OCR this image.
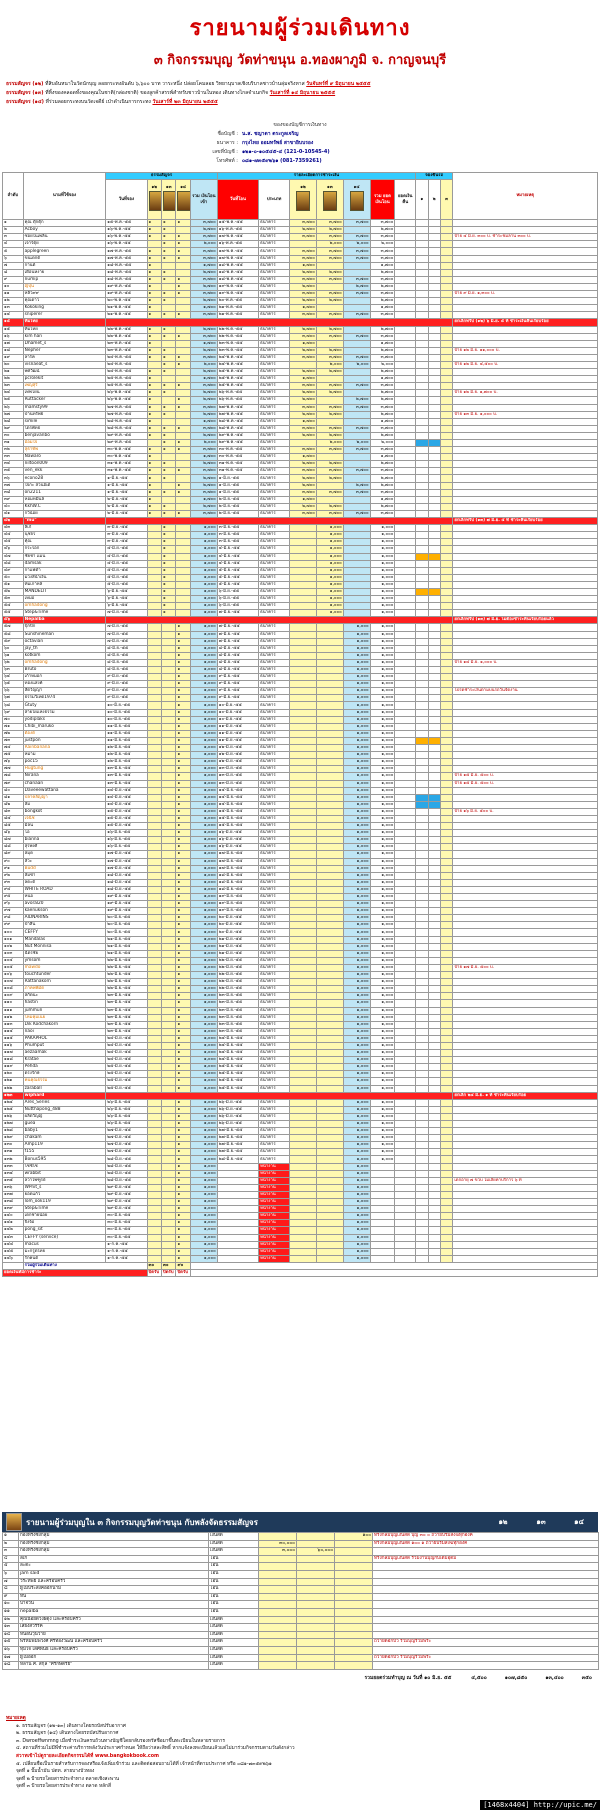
รายนามผู้ร่วมเดินทาง
๓ กิจกรรมบุญ วัดท่าขนุน อ.ทองผาภูมิ จ. กาญจนบุรี
ธรรมสัญจร (๑๒) ที่สิบอันหนาในวัดนักบุญ ลอยกระทงอันดับ ๖,๖๐๐ บาท วาระหนึ่ง ปล่อยโคมลอย วิทยานุบาลเชิงบริบาลชาวบ้านลุ่มจริงหาส วันจันทร์ที่ ๙ มิถุนายน ๒๕๕๕
ธรรมสัญจร (๑๓) ที่ทิ้งของคลอดทั้งของคุณในชาติ(กล่องชาติ) ของลูกค้าสรรพ์สำหรับชาวบ้านในทอง เดินทางไกลจำเนกกิจ วันเสาร์ที่ ๑๔ มิถุนายน ๒๕๕๕
ธรรมสัญจร (๑๔) ที่ร่วมลอยกระทงบนวัดเจดีย์ เป่าดำเนินการกระทง วันเสาร์ที่ ๒๓ มิถุนายน ๒๕๕๕
ของของบัญชีการเงินทาง
ชื่อบัญชี : น.ส. ชญาดา ตระกูลเจริญ
ธนาคาร : กรุงไทย ออมทรัพย์ สาขายิบบรอง
เลขที่บัญชี : ๑๒๑-๐-๑๐๕๔๕-๔ (121-0-10545-4)
โทรศัพท์ : ๐๘๑-๗๓๕๙๒๖๑ (081-7359261)
ลำดับ	นามที่ใช้จอง	ธรรมสัญจร					รายละเอียดการชำระเงิน							จองขึ้นรถ			หมายเหตุ
		วันที่จอง	๑๒	๑๓	๑๔	รวม เงินโอนเข้า	วันที่โอน	ประเภท	๑๒	๑๓	๑๔	รวม ยอดเงินโอน	ยอดเงินคืน	๑	๒	๓	
๑	คุณ ตุ๊กตุ๊ก	๑๕-พ.ค.-๕๕	๑	๑	๑	๓,๗๐๐	๑๕-พ.ค.-๕๕	ธนาคาร	๓,๗๐๐	๓,๗๐๐	๓,๗๐๐	๓,๗๐๐					
๒	Acboy	๑๖-พ.ค.-๕๕	๑	๑		๒,๗๐๐	๑๖-พ.ค.-๕๕	ธนาคาร	๒,๗๐๐	๒,๗๐๐		๒,๗๐๐					
๓	ซอยในเพลิน	๑๖-พ.ค.-๕๕	๑	๑	๑	๓,๗๐๐	๑๗-พ.ค.-๕๕	ธนาคาร	๓,๗๐๐	๓,๗๐๐	๓,๗๐๐	๓,๗๐๐					ป้าย ๔ มิ.ย. ๓๐๐ บ. ชำระชมลาน ๓๐๐ บ.
๔	เจาร์ดุ้ย	๑๖-พ.ค.-๕๕		๑	๑	๒,๐๐๐	๑๖-พ.ค.-๕๕	ธนาคาร		๒,๐๐๐	๒,๐๐๐	๒,๐๐๐					
๕	applegreen	๑๗-พ.ค.-๕๕	๑	๑	๑	๓,๗๐๐	๑๗-พ.ค.-๕๕	ธนาคาร	๓,๗๐๐	๓,๗๐๐	๓,๗๐๐	๓,๗๐๐					
๖	ขนเด็กดี	๑๗-พ.ค.-๕๕	๑	๑	๑	๓,๗๐๐	๑๗-พ.ค.-๕๕	ธนาคาร	๓,๗๐๐	๓,๗๐๐	๓,๗๐๐	๓,๗๐๐					
๗	กานด์	๑๘-พ.ค.-๕๕	๑			๑,๗๐๐	๑๘-พ.ค.-๕๕	ธนาคาร	๑,๗๐๐			๑,๗๐๐					
๘	เดือนหงาย	๑๘-พ.ค.-๕๕	๑	๑		๒,๗๐๐	๑๘-พ.ค.-๕๕	ธนาคาร	๒,๗๐๐	๒,๗๐๐		๒,๗๐๐					
๙	numip	๑๘-พ.ค.-๕๕	๑	๑	๑	๓,๗๐๐	๑๘-พ.ค.-๕๕	ธนาคาร	๓,๗๐๐	๓,๗๐๐	๓,๗๐๐	๓,๗๐๐					
๑๐	ญี่ปุ่น	๑๙-พ.ค.-๕๕	๑		๑	๒,๗๐๐	๑๙-พ.ค.-๕๕	ธนาคาร	๒,๗๐๐		๒,๗๐๐	๒,๗๐๐					
๑๑	หลิว๙๙	๑๙-พ.ค.-๕๕	๑	๑	๑	๓,๗๐๐	๑๙-พ.ค.-๕๕	ธนาคาร	๓,๗๐๐	๓,๗๐๐	๓,๗๐๐	๓,๗๐๐					ป้าย ๙ มิ.ย. ๑,๓๐๐ บ.
๑๒	คุณดาว	๒๐-พ.ค.-๕๕	๑	๑		๒,๗๐๐	๒๐-พ.ค.-๕๕	ธนาคาร	๒,๗๐๐	๒,๗๐๐		๒,๗๐๐					
๑๓	Kokoking	๒๑-พ.ค.-๕๕	๑			๑,๗๐๐	๒๑-พ.ค.-๕๕	ธนาคาร	๑,๗๐๐			๑,๗๐๐					
๑๔	sniperer	๒๑-พ.ค.-๕๕	๑	๑	๑	๓,๗๐๐	๒๑-พ.ค.-๕๕	ธนาคาร	๓,๗๐๐	๓,๗๐๐	๓,๗๐๐	๓,๗๐๐					
๑๕	ทิมไทย																ยกเลิกทริป (๑๒) ๖ มิ.ย. ๕ ที่ ชำระเงินคืนเรียบร้อย
๑๕	ทิมไทย	๒๒-พ.ค.-๕๕	๑	๑		๒,๗๐๐	๒๒-พ.ค.-๕๕	ธนาคาร	๒,๗๐๐	๒,๗๐๐		๒,๗๐๐					
๑๖	kim han	๒๒-พ.ค.-๕๕	๑	๑	๑	๓,๗๐๐	๒๒-พ.ค.-๕๕	ธนาคาร	๓,๗๐๐	๓,๗๐๐	๓,๗๐๐	๓,๗๐๐					
๑๗	Dhamet_s	๒๓-พ.ค.-๕๕	๑			๑,๗๐๐	๒๓-พ.ค.-๕๕	ธนาคาร	๑,๗๐๐			๑,๗๐๐					
๑๘	Nepher	๒๓-พ.ค.-๕๕	๑	๑		๒,๗๐๐	๒๓-พ.ค.-๕๕	ธนาคาร	๒,๗๐๐	๒,๗๐๐		๒,๗๐๐					ป้าย ๑๒ มิ.ย. ๑๑,๐๐๐ บ.
๑๙	ลาร์ค	๒๔-พ.ค.-๕๕	๑	๑	๑	๓,๗๐๐	๒๔-พ.ค.-๕๕	ธนาคาร	๓,๗๐๐	๓,๗๐๐	๓,๗๐๐	๓,๗๐๐					
๒๐	visnaeat_s	๒๔-พ.ค.-๕๕		๑	๑	๒,๐๐๐	๒๔-พ.ค.-๕๕	ธนาคาร		๒,๐๐๐	๒,๐๐๐	๒,๐๐๐					ป้าย ๑๒ มิ.ย. ๔,๕๐๐ บ.
๒๑	พศวัฒน์	๒๔-พ.ค.-๕๕	๑	๑		๒,๗๐๐	๒๕-พ.ค.-๕๕	ธนาคาร	๒,๗๐๐	๒,๗๐๐		๒,๗๐๐					
๒๒	pcrolekit	๒๕-พ.ค.-๕๕	๑			๑,๗๐๐	๒๕-พ.ค.-๕๕	ธนาคาร	๑,๗๐๐			๑,๗๐๐					
๒๓	เพ็ญสุรี	๒๕-พ.ค.-๕๕	๑	๑	๑	๓,๗๐๐	๒๕-พ.ค.-๕๕	ธนาคาร	๓,๗๐๐	๓,๗๐๐	๓,๗๐๐	๓,๗๐๐					
๒๔	เทพโยน	๒๖-พ.ค.-๕๕	๑	๑		๒,๗๐๐	๒๖-พ.ค.-๕๕	ธนาคาร	๒,๗๐๐	๒,๗๐๐		๒,๗๐๐					ป้าย ๑๒ มิ.ย. ๑,๗๐๐ บ.
๒๕	Ruttacker	๒๖-พ.ค.-๕๕	๑		๑	๒,๗๐๐	๒๖-พ.ค.-๕๕	ธนาคาร	๒,๗๐๐		๒,๗๐๐	๒,๗๐๐					
๒๖	mamsty99	๒๗-พ.ค.-๕๕	๑	๑	๑	๓,๗๐๐	๒๗-พ.ค.-๕๕	ธนาคาร	๓,๗๐๐	๓,๗๐๐	๓,๗๐๐	๓,๗๐๐					
๒๗	บ้านทรัพย์	๒๗-พ.ค.-๕๕	๑	๑		๒,๗๐๐	๒๗-พ.ค.-๕๕	ธนาคาร	๒,๗๐๐	๒,๗๐๐		๒,๗๐๐					ป้าย ๑๓ มิ.ย. ๑,๐๐๐ บ.
๒๘	simile	๒๘-พ.ค.-๕๕	๑			๑,๗๐๐	๒๘-พ.ค.-๕๕	ธนาคาร	๑,๗๐๐			๑,๗๐๐					
๒๙	ไตรพัทธ	๒๘-พ.ค.-๕๕	๑	๑	๑	๓,๗๐๐	๒๘-พ.ค.-๕๕	ธนาคาร	๓,๗๐๐	๓,๗๐๐	๓,๗๐๐	๓,๗๐๐					
๓๐	benjavanbo	๒๙-พ.ค.-๕๕	๑	๑		๒,๗๐๐	๒๙-พ.ค.-๕๕	ธนาคาร	๒,๗๐๐	๒,๗๐๐		๒,๗๐๐					
๓๑	อ้อมใจ	๒๙-พ.ค.-๕๕		๑	๑	๒,๐๐๐	๒๙-พ.ค.-๕๕	ธนาคาร		๒,๐๐๐	๒,๐๐๐	๒,๐๐๐					
๓๒	สุธาทิพ	๓๐-พ.ค.-๕๕	๑	๑	๑	๓,๗๐๐	๓๐-พ.ค.-๕๕	ธนาคาร	๓,๗๐๐	๓,๗๐๐	๓,๗๐๐	๓,๗๐๐					
๓๓	Nawaro	๓๐-พ.ค.-๕๕	๑			๑,๗๐๐	๓๐-พ.ค.-๕๕	ธนาคาร	๑,๗๐๐			๑,๗๐๐					
๓๔	niltoon009	๓๑-พ.ค.-๕๕	๑	๑		๒,๗๐๐	๓๑-พ.ค.-๕๕	ธนาคาร	๒,๗๐๐	๒,๗๐๐		๒,๗๐๐					
๓๕	ven_ekk	๓๑-พ.ค.-๕๕	๑	๑	๑	๓,๗๐๐	๓๑-พ.ค.-๕๕	ธนาคาร	๓,๗๐๐	๓,๗๐๐	๓,๗๐๐	๓,๗๐๐					
๓๖	econo28	๑-มิ.ย.-๕๕	๑	๑		๒,๗๐๐	๑-มิ.ย.-๕๕	ธนาคาร	๒,๗๐๐	๒,๗๐๐		๒,๗๐๐					
๓๗	ใจกะ สวนอีเด้	๑-มิ.ย.-๕๕	๑		๑	๒,๗๐๐	๑-มิ.ย.-๕๕	ธนาคาร	๒,๗๐๐		๒,๗๐๐	๒,๗๐๐					
๓๘	on2211	๑-มิ.ย.-๕๕	๑	๑	๑	๓,๗๐๐	๑-มิ.ย.-๕๕	ธนาคาร	๓,๗๐๐	๓,๗๐๐	๓,๗๐๐	๓,๗๐๐					
๓๙	หอมหมื่นลี้	๒-มิ.ย.-๕๕	๑			๑,๗๐๐	๒-มิ.ย.-๕๕	ธนาคาร	๑,๗๐๐			๑,๗๐๐					
๔๐	KkhW.C	๒-มิ.ย.-๕๕	๑	๑		๒,๗๐๐	๒-มิ.ย.-๕๕	ธนาคาร	๒,๗๐๐	๒,๗๐๐		๒,๗๐๐					
๔๑	กวีน้อย	๒-มิ.ย.-๕๕	๑	๑	๑	๓,๗๐๐	๒-มิ.ย.-๕๕	ธนาคาร	๓,๗๐๐	๓,๗๐๐	๓,๗๐๐	๓,๗๐๐					
๔๒	"mu"																ยกเลิกทริป (๑๓) ๗ มิ.ย. ๕ ที่ ชำระคืนเรียบร้อย
๔๓	ลิเก้	๓-มิ.ย.-๕๕		๑		๑,๐๐๐	๓-มิ.ย.-๕๕	ธนาคาร		๑,๐๐๐		๑,๐๐๐					
๔๔	นุชจร	๓-มิ.ย.-๕๕		๑		๑,๐๐๐	๓-มิ.ย.-๕๕	ธนาคาร		๑,๐๐๐		๑,๐๐๐					
๔๕	คุ้ณ	๓-มิ.ย.-๕๕		๑		๑,๐๐๐	๓-มิ.ย.-๕๕	ธนาคาร		๑,๐๐๐		๑,๐๐๐					
๔๖	กระรอก	๔-มิ.ย.-๕๕		๑		๑,๐๐๐	๔-มิ.ย.-๕๕	ธนาคาร		๑,๐๐๐		๑,๐๐๐					
๔๗	ชัยชา แมน	๔-มิ.ย.-๕๕		๑		๑,๐๐๐	๔-มิ.ย.-๕๕	ธนาคาร		๑,๐๐๐		๑,๐๐๐					
๔๘	damsak	๔-มิ.ย.-๕๕		๑		๑,๐๐๐	๔-มิ.ย.-๕๕	ธนาคาร		๑,๐๐๐		๑,๐๐๐					
๔๙	กาแฟดำ	๕-มิ.ย.-๕๕		๑		๑,๐๐๐	๕-มิ.ย.-๕๕	ธนาคาร		๑,๐๐๐		๑,๐๐๐					
๕๐	ม่วงสีน้ำเงิน	๕-มิ.ย.-๕๕		๑		๑,๐๐๐	๕-มิ.ย.-๕๕	ธนาคาร		๑,๐๐๐		๑,๐๐๐					
๕๑	ทีมเกาหลี	๕-มิ.ย.-๕๕		๑		๑,๐๐๐	๕-มิ.ย.-๕๕	ธนาคาร		๑,๐๐๐		๑,๐๐๐					
๕๒	MANDELIT	๖-มิ.ย.-๕๕		๑		๑,๐๐๐	๖-มิ.ย.-๕๕	ธนาคาร		๑,๐๐๐		๑,๐๐๐					
๕๓	เหม่อ	๖-มิ.ย.-๕๕		๑		๑,๐๐๐	๖-มิ.ย.-๕๕	ธนาคาร		๑,๐๐๐		๑,๐๐๐					
๕๔	omhadong	๖-มิ.ย.-๕๕		๑		๑,๐๐๐	๖-มิ.ย.-๕๕	ธนาคาร		๑,๐๐๐		๑,๐๐๐					
๕๕	Step&Time	๗-มิ.ย.-๕๕		๑		๑,๐๐๐	๗-มิ.ย.-๕๕	ธนาคาร		๑,๐๐๐		๑,๐๐๐					
๕๖	Nepalba																ยกเลิกทริป (๑๓) ๗ มิ.ย. ไม่ต้องชำระคืนเรียบร้อยแล้ว
๕๗	ปุ๊กปิ๊ก	๗-มิ.ย.-๕๕			๑	๑,๐๐๐	๗-มิ.ย.-๕๕	ธนาคาร			๑,๐๐๐	๑,๐๐๐					
๕๘	Sunshineman	๗-มิ.ย.-๕๕			๑	๑,๐๐๐	๗-มิ.ย.-๕๕	ธนาคาร			๑,๐๐๐	๑,๐๐๐					
๕๙	octavian	๗-มิ.ย.-๕๕			๑	๑,๐๐๐	๗-มิ.ย.-๕๕	ธนาคาร			๑,๐๐๐	๑,๐๐๐					
๖๐	jay_th	๘-มิ.ย.-๕๕			๑	๑,๐๐๐	๘-มิ.ย.-๕๕	ธนาคาร			๑,๐๐๐	๑,๐๐๐					
๖๑	kotkom	๘-มิ.ย.-๕๕			๑	๑,๐๐๐	๘-มิ.ย.-๕๕	ธนาคาร			๑,๐๐๐	๑,๐๐๐					
๖๒	omhadong	๘-มิ.ย.-๕๕			๑	๑,๐๐๐	๘-มิ.ย.-๕๕	ธนาคาร			๑,๐๐๐	๑,๐๐๐					ป้าย ๑๔ มิ.ย. ๑,๐๐๐ บ.
๖๓	Bruto	๘-มิ.ย.-๕๕			๑	๑,๐๐๐	๘-มิ.ย.-๕๕	ธนาคาร			๑,๐๐๐	๑,๐๐๐					
๖๔	เก้าหมอก	๙-มิ.ย.-๕๕			๑	๑,๐๐๐	๙-มิ.ย.-๕๕	ธนาคาร			๑,๐๐๐	๑,๐๐๐					
๖๕	ทองแสงค์	๙-มิ.ย.-๕๕			๑	๑,๐๐๐	๙-มิ.ย.-๕๕	ธนาคาร			๑,๐๐๐	๑,๐๐๐					
๖๖	สัตว์ญญา	๙-มิ.ย.-๕๕			๑	๑,๐๐๐	๙-มิ.ย.-๕๕	ธนาคาร			๑,๐๐๐	๑,๐๐๐					โปรดชำระเงินตามบนรถวันจัดงาน
๖๗	ธรรมวิเทต1974	๙-มิ.ย.-๕๕			๑	๑,๐๐๐	๙-มิ.ย.-๕๕	ธนาคาร			๑,๐๐๐	๑,๐๐๐					
๖๘	Gtuty	๑๐-มิ.ย.-๕๕			๑	๑,๐๐๐	๑๐-มิ.ย.-๕๕	ธนาคาร			๑,๐๐๐	๑,๐๐๐					
๖๙	สายใยแห่งธรรม	๑๐-มิ.ย.-๕๕			๑	๑,๐๐๐	๑๐-มิ.ย.-๕๕	ธนาคาร			๑,๐๐๐	๑,๐๐๐					
๗๐	yodiplaks	๑๐-มิ.ย.-๕๕			๑	๑,๐๐๐	๑๐-มิ.ย.-๕๕	ธนาคาร			๑,๐๐๐	๑,๐๐๐					
๗๑	Chibi_maruko	๑๑-มิ.ย.-๕๕			๑	๑,๐๐๐	๑๑-มิ.ย.-๕๕	ธนาคาร			๑,๐๐๐	๑,๐๐๐					
๗๒	ต้องดี	๑๑-มิ.ย.-๕๕			๑	๑,๐๐๐	๑๑-มิ.ย.-๕๕	ธนาคาร			๑,๐๐๐	๑,๐๐๐					
๗๓	justpon	๑๑-มิ.ย.-๕๕			๑	๑,๐๐๐	๑๑-มิ.ย.-๕๕	ธนาคาร			๑,๐๐๐	๑,๐๐๐					
๗๔	Rainbanana	๑๒-มิ.ย.-๕๕			๑	๑,๐๐๐	๑๒-มิ.ย.-๕๕	ธนาคาร			๑,๐๐๐	๑,๐๐๐					
๗๕	หม่าม	๑๒-มิ.ย.-๕๕			๑	๑,๐๐๐	๑๒-มิ.ย.-๕๕	ธนาคาร			๑,๐๐๐	๑,๐๐๐					
๗๖	poc15	๑๒-มิ.ย.-๕๕			๑	๑,๐๐๐	๑๒-มิ.ย.-๕๕	ธนาคาร			๑,๐๐๐	๑,๐๐๐					
๗๗	Hugtung	๑๓-มิ.ย.-๕๕			๑	๑,๐๐๐	๑๓-มิ.ย.-๕๕	ธนาคาร			๑,๐๐๐	๑,๐๐๐					
๗๘	Nirana	๑๓-มิ.ย.-๕๕			๑	๑,๐๐๐	๑๓-มิ.ย.-๕๕	ธนาคาร			๑,๐๐๐	๑,๐๐๐					ป้าย ๑๕ มิ.ย. ๕๐๐ บ.
๗๙	chanaan	๑๓-มิ.ย.-๕๕			๑	๑,๐๐๐	๑๓-มิ.ย.-๕๕	ธนาคาร			๑,๐๐๐	๑,๐๐๐					ป้าย ๑๕ มิ.ย. ๕๐๐ บ.
๘๐	Daveeewattana	๑๔-มิ.ย.-๕๕			๑	๑,๐๐๐	๑๔-มิ.ย.-๕๕	ธนาคาร			๑,๐๐๐	๑,๐๐๐					
๘๑	ปลาคลัญญา	๑๔-มิ.ย.-๕๕			๑	๑,๐๐๐	๑๔-มิ.ย.-๕๕	ธนาคาร			๑,๐๐๐	๑,๐๐๐					
๘๒	ส้ม	๑๔-มิ.ย.-๕๕			๑	๑,๐๐๐	๑๔-มิ.ย.-๕๕	ธนาคาร			๑,๐๐๐	๑,๐๐๐					
๘๓	bongkot	๑๕-มิ.ย.-๕๕			๑	๑,๐๐๐	๑๕-มิ.ย.-๕๕	ธนาคาร			๑,๐๐๐	๑,๐๐๐					ป้าย ๑๖ มิ.ย. ๕๐๐ บ.
๘๔	เจนิช	๑๕-มิ.ย.-๕๕			๑	๑,๐๐๐	๑๕-มิ.ย.-๕๕	ธนาคาร			๑,๐๐๐	๑,๐๐๐					
๘๕	มิลน	๑๕-มิ.ย.-๕๕			๑	๑,๐๐๐	๑๕-มิ.ย.-๕๕	ธนาคาร			๑,๐๐๐	๑,๐๐๐					
๘๖	โอ	๑๖-มิ.ย.-๕๕			๑	๑,๐๐๐	๑๖-มิ.ย.-๕๕	ธนาคาร			๑,๐๐๐	๑,๐๐๐					
๘๗	bianna	๑๖-มิ.ย.-๕๕			๑	๑,๐๐๐	๑๖-มิ.ย.-๕๕	ธนาคาร			๑,๐๐๐	๑,๐๐๐					
๘๘	สุรพงศ์	๑๖-มิ.ย.-๕๕			๑	๑,๐๐๐	๑๖-มิ.ย.-๕๕	ธนาคาร			๑,๐๐๐	๑,๐๐๐					
๘๙	สมุด	๑๗-มิ.ย.-๕๕			๑	๑,๐๐๐	๑๗-มิ.ย.-๕๕	ธนาคาร			๑,๐๐๐	๑,๐๐๐					
๙๐	ลัวะ	๑๗-มิ.ย.-๕๕			๑	๑,๐๐๐	๑๗-มิ.ย.-๕๕	ธนาคาร			๑,๐๐๐	๑,๐๐๐					
๙๑	Budd	๑๗-มิ.ย.-๕๕			๑	๑,๐๐๐	๑๗-มิ.ย.-๕๕	ธนาคาร			๑,๐๐๐	๑,๐๐๐					
๙๒	ส้มซ่า	๑๘-มิ.ย.-๕๕			๑	๑,๐๐๐	๑๘-มิ.ย.-๕๕	ธนาคาร			๑,๐๐๐	๑,๐๐๐					
๙๓	ลดะดี	๑๘-มิ.ย.-๕๕			๑	๑,๐๐๐	๑๘-มิ.ย.-๕๕	ธนาคาร			๑,๐๐๐	๑,๐๐๐					
๙๔	WHITE ROAD	๑๘-มิ.ย.-๕๕			๑	๑,๐๐๐	๑๘-มิ.ย.-๕๕	ธนาคาร			๑,๐๐๐	๑,๐๐๐					
๙๕	หน่อ	๑๙-มิ.ย.-๕๕			๑	๑,๐๐๐	๑๙-มิ.ย.-๕๕	ธนาคาร			๑,๐๐๐	๑,๐๐๐					
๙๖	avoral20	๑๙-มิ.ย.-๕๕			๑	๑,๐๐๐	๑๙-มิ.ย.-๕๕	ธนาคาร			๑,๐๐๐	๑,๐๐๐					
๙๗	kaenukson	๑๙-มิ.ย.-๕๕			๑	๑,๐๐๐	๑๙-มิ.ย.-๕๕	ธนาคาร			๑,๐๐๐	๑,๐๐๐					
๙๘	AIDNARINS	๒๐-มิ.ย.-๕๕			๑	๑,๐๐๐	๒๐-มิ.ย.-๕๕	ธนาคาร			๑,๐๐๐	๑,๐๐๐					
๙๙	ป้าสิ้น	๒๐-มิ.ย.-๕๕			๑	๑,๐๐๐	๒๐-มิ.ย.-๕๕	ธนาคาร			๑,๐๐๐	๑,๐๐๐					
๑๐๐	CEFFY	๒๐-มิ.ย.-๕๕			๑	๑,๐๐๐	๒๐-มิ.ย.-๕๕	ธนาคาร			๑,๐๐๐	๑,๐๐๐					
๑๐๑	Mandalas	๒๑-มิ.ย.-๕๕			๑	๑,๐๐๐	๒๑-มิ.ย.-๕๕	ธนาคาร			๑,๐๐๐	๑,๐๐๐					
๑๐๒	Nut Monnisa	๒๑-มิ.ย.-๕๕			๑	๑,๐๐๐	๒๑-มิ.ย.-๕๕	ธนาคาร			๑,๐๐๐	๑,๐๐๐					
๑๐๓	ฉัตรชัย	๒๑-มิ.ย.-๕๕			๑	๑,๐๐๐	๒๑-มิ.ย.-๕๕	ธนาคาร			๑,๐๐๐	๑,๐๐๐					
๑๐๔	ymsom	๒๒-มิ.ย.-๕๕			๑	๑,๐๐๐	๒๒-มิ.ย.-๕๕	ธนาคาร			๑,๐๐๐	๑,๐๐๐					
๑๐๕	mawdo	๒๒-มิ.ย.-๕๕			๑	๑,๐๐๐	๒๒-มิ.ย.-๕๕	ธนาคาร			๑,๐๐๐	๑,๐๐๐					ป้าย ๑๗ มิ.ย. ๕๐๐ บ.
๑๐๖	touchtunder	๒๒-มิ.ย.-๕๕			๑	๑,๐๐๐	๒๒-มิ.ย.-๕๕	ธนาคาร			๑,๐๐๐	๑,๐๐๐					
๑๐๗	Rattanakorn	๒๒-มิ.ย.-๕๕			๑	๑,๐๐๐	๒๒-มิ.ย.-๕๕	ธนาคาร			๑,๐๐๐	๑,๐๐๐					
๑๐๘	ภาคพพิมัต	๒๒-มิ.ย.-๕๕			๑	๑,๐๐๐	๒๒-มิ.ย.-๕๕	ธนาคาร			๑,๐๐๐	๑,๐๐๐					
๑๐๙	สกัดนะ	๒๓-มิ.ย.-๕๕			๑	๑,๐๐๐	๒๓-มิ.ย.-๕๕	ธนาคาร			๑,๐๐๐	๑,๐๐๐					
๑๑๐	hastin	๒๓-มิ.ย.-๕๕			๑	๑,๐๐๐	๒๓-มิ.ย.-๕๕	ธนาคาร			๑,๐๐๐	๑,๐๐๐					
๑๑๑	jummun	๒๓-มิ.ย.-๕๕			๑	๑,๐๐๐	๒๓-มิ.ย.-๕๕	ธนาคาร			๑,๐๐๐	๑,๐๐๐					
๑๑๒	ไหมคุ่มเนย	๒๓-มิ.ย.-๕๕			๑	๑,๐๐๐	๒๓-มิ.ย.-๕๕	ธนาคาร			๑,๐๐๐	๑,๐๐๐					
๑๑๓	Dik Kodchakorn	๒๓-มิ.ย.-๕๕			๑	๑,๐๐๐	๒๓-มิ.ย.-๕๕	ธนาคาร			๑,๐๐๐	๑,๐๐๐					
๑๑๔	naoi	๒๓-มิ.ย.-๕๕			๑	๑,๐๐๐	๒๓-มิ.ย.-๕๕	ธนาคาร			๑,๐๐๐	๑,๐๐๐					
๑๑๕	PAKAPHOL	๒๔-มิ.ย.-๕๕			๑	๑,๐๐๐	๒๔-มิ.ย.-๕๕	ธนาคาร			๑,๐๐๐	๑,๐๐๐					
๑๑๖	Phumput	๒๔-มิ.ย.-๕๕			๑	๑,๐๐๐	๒๔-มิ.ย.-๕๕	ธนาคาร			๑,๐๐๐	๑,๐๐๐					
๑๑๗	aezaamak	๒๔-มิ.ย.-๕๕			๑	๑,๐๐๐	๒๔-มิ.ย.-๕๕	ธนาคาร			๑,๐๐๐	๑,๐๐๐					
๑๑๘	Kratae	๒๔-มิ.ย.-๕๕			๑	๑,๐๐๐	๒๔-มิ.ย.-๕๕	ธนาคาร			๑,๐๐๐	๑,๐๐๐					
๑๑๙	Pehda	๒๕-มิ.ย.-๕๕			๑	๑,๐๐๐	๒๕-มิ.ย.-๕๕	ธนาคาร			๑,๐๐๐	๑,๐๐๐					
๑๒๐	ตรงรักษ์	๒๕-มิ.ย.-๕๕			๑	๑,๐๐๐	๒๕-มิ.ย.-๕๕	ธนาคาร			๑,๐๐๐	๑,๐๐๐					
๑๒๑	คนคุณธรรม	๒๕-มิ.ย.-๕๕			๑	๑,๐๐๐	๒๕-มิ.ย.-๕๕	ธนาคาร			๑,๐๐๐	๑,๐๐๐					
๑๒๒	zaraball	๒๕-มิ.ย.-๕๕			๑	๑,๐๐๐	๒๕-มิ.ย.-๕๕	ธนาคาร			๑,๐๐๐	๑,๐๐๐					
๑๒๓	wiphard																ยกเลิก ๒๔ มิ.ย. ๑ ที่ ชำระคืนเรียบร้อย
๑๒๔	Ares_Series	๒๖-มิ.ย.-๕๕			๑	๑,๐๐๐	๒๖-มิ.ย.-๕๕	ธนาคาร			๑,๐๐๐	๑,๐๐๐					
๑๒๕	Nutthapong_488	๒๖-มิ.ย.-๕๕			๑	๑,๐๐๐	๒๖-มิ.ย.-๕๕	ธนาคาร			๑,๐๐๐	๑,๐๐๐					
๑๒๖	ผลิตวิญญ์	๒๖-มิ.ย.-๕๕			๑	๑,๐๐๐	๒๖-มิ.ย.-๕๕	ธนาคาร			๑,๐๐๐	๑,๐๐๐					
๑๒๗	guea	๒๖-มิ.ย.-๕๕			๑	๑,๐๐๐	๒๖-มิ.ย.-๕๕	ธนาคาร			๑,๐๐๐	๑,๐๐๐					
๑๒๘	baby1	๒๗-มิ.ย.-๕๕			๑	๑,๐๐๐	๒๗-มิ.ย.-๕๕	ธนาคาร			๑,๐๐๐	๑,๐๐๐					
๑๒๙	chakam	๒๗-มิ.ย.-๕๕			๑	๑,๐๐๐	๒๗-มิ.ย.-๕๕	ธนาคาร			๑,๐๐๐	๑,๐๐๐					
๑๓๐	Amp119	๒๗-มิ.ย.-๕๕			๑	๑,๐๐๐	๒๗-มิ.ย.-๕๕	ธนาคาร			๑,๐๐๐	๑,๐๐๐					
๑๓๑	f155	๒๗-มิ.ย.-๕๕			๑	๑,๐๐๐	๒๗-มิ.ย.-๕๕	ธนาคาร			๑,๐๐๐	๑,๐๐๐					
๑๓๒	Bonus595	๒๘-มิ.ย.-๕๕			๑	๑,๐๐๐	๒๘-มิ.ย.-๕๕	ธนาคาร			๑,๐๐๐	๑,๐๐๐					
๑๓๓	ไซซ์ไซ	๒๘-มิ.ย.-๕๕			๑	๑,๐๐๐		หน้างาน			๑,๐๐๐						
๑๓๔	wrabbit	๒๘-มิ.ย.-๕๕			๑	๑,๐๐๐		หน้างาน			๑,๐๐๐						
๑๓๕	ลวาไพฑูรย์	๒๘-มิ.ย.-๕๕			๑	๑,๐๐๐		หน้างาน			๑,๐๐๐						เด็กอายุ ๗ ขวบ ไม่เสียค่าบริการ ๖ ที่
๑๓๖	WPnit_s	๒๙-มิ.ย.-๕๕			๑	๑,๐๐๐		หน้างาน			๑,๐๐๐						
๑๓๗	ยอดแก้ว	๒๙-มิ.ย.-๕๕			๑	๑,๐๐๐		หน้างาน			๑,๐๐๐						
๑๓๘	lom_ook119	๒๙-มิ.ย.-๕๕			๑	๑,๐๐๐		หน้างาน			๑,๐๐๐						
๑๓๙	Step&Time	๒๙-มิ.ย.-๕๕			๑	๑,๐๐๐		หน้างาน			๑,๐๐๐						
๑๔๐	เด็กชายน้อย	๓๐-มิ.ย.-๕๕			๑	๑,๐๐๐		หน้างาน			๑,๐๐๐						
๑๔๑	จิ้งจ้อ	๓๐-มิ.ย.-๕๕			๑	๑,๐๐๐		หน้างาน			๑,๐๐๐						
๑๔๒	pong_sit	๓๐-มิ.ย.-๕๕			๑	๑,๐๐๐		หน้างาน			๑,๐๐๐						
๑๔๓	CEFFY (service)	๓๐-มิ.ย.-๕๕			๑	๑,๐๐๐		หน้างาน			๑,๐๐๐						
๑๔๔	macus	๑-ก.ค.-๕๕			๑	๑,๐๐๐		หน้างาน			๑,๐๐๐						
๑๔๕	มะกรูดไทย	๑-ก.ค.-๕๕			๑	๑,๐๐๐		หน้างาน			๑,๐๐๐						
๑๔๖	รักคนดี	๑-ก.ค.-๕๕			๑	๑,๐๐๐		หน้างาน			๑,๐๐๐						
	รวมผู้ร่วมเดินทาง		๓๐	๓๐	๙๐												
ยอดเงินที่มีการชำระ			ปิดรับ	ปิดรับ	ปิดรับ												
รายนามผู้ร่วมบุญใน ๓ กิจกรรมบุญวัดท่าขนุน กับพลังจัดธรรมสัญจร	๑๒	๑๓	๑๔
๑	กองทรงซิ้งกลุ่ม	เงินสด			๑๐๐	ทรงกลมบุญเงินสด บุญ ๓๐ ๐ ถวายบรมสงฆ์ทุกองค์
๒	กองทรงซิ้งกลุ่ม	เงินสด	๓๐,๐๐๐			ทรงกลมบุญเงินสด ๑๐๐ ๑ ถวายบรมสงฆ์ทุกองค์
๓	กองทรงซิ้งกลุ่ม	เงินสด	๓,๐๐๐	๖๐,๐๐๐		
๔	ลิเก้	โอน				ทรงกลมบุญเงินสด ร่วมงานบุญกับเต็มอุดม
๕	ละดะ	โอน				
๖	jam said	โอน				
๗	วิระทิพย์ และครอบครัว	โอน				
๘	ผู้ไม่ประสงค์ออกนาม	โอน				
๙	หัน	โอน				
๑๐	ปาจวัน	โอน				
๑๑	nepalba	โอน				
๑๒	คุณน้อยดวงผดุง และครอบครัว	เงินสด				
๑๓	เสียงสวรรค	เงินสด				
๑๔	หนอนวุ่นวาย	เงินสด				
๑๕	พรหมพิมพวงศ์ ศรีทองวัฒน์ และครอบครัว	เงินสด				ถวายดอกบัว ร่วมบุญร่วมพระ
๑๖	ทุ่มใจ เลิศพันธ์ และครอบครัว	เงินสด				
๑๗	ผู้ไม่ออก	เงินสด				ถวายดอกบัว ร่วมบุญร่วมพระ
๑๘	หลาน ศ. สกุล "ศรีกษัตริย์"	เงินสด				
รวมยอดร่วมทำบุญ ณ วันที่ ๑๐ มิ.ย. ๕๕	๔,๕๐๐	๑๐๗,๘๕๐	๑๓,๔๐๐	๓๕๐
หมายเหตุ
๑. ธรรมสัญจร (๑๒-๑๓) เดินทางโดยรถบัสปรับอากาศ
๒. ธรรมสัญจร (๑๔) เดินทางโดยรถบัสปรับอากาศ
๓. Dwroeffwnmng เมื่อชำระเงินครบถ้วนทางบัญชีโดยกลับรองหรัสชื่อมาขึ้นทะเบียนในหลายรายการ
๔. สถานที่ร่วมไม่มีพี่ชำระค่าบริการหลังวันประกาศกำหนด ให้ถือว่าสละสิทธิ์ หากแจ้งลงทะเบียนแล้วแต่ไม่มาร่วมกิจกรรมตามวันดังกล่าว
สวาทเข้าไปดูรายละเอียดกิจกรรมได้ที่ www.bangkokbook.com
๕. เปลี่ยนชื่อเป็นรายสำหรับการจองหรือแจ้งเพิ่มเข้าร่วม และติดต่อสอบถามได้ที่ เจ้าหน้าที่ตามประกาศ หรือ ๐๘๑-๗๓๕๙๒๖๑
จุดที่ ๑ ปั๊มน้ำมัน ปตท. สายบางบัวทอง
จุดที่ ๒ ป้ายรถโดยสารประจำทาง ตลาดเชิงสะพาน
จุดที่ ๓ ป้ายรถโดยสารประจำทาง ตลาด หลักสี่
[1468x4404] http://upic.me/
